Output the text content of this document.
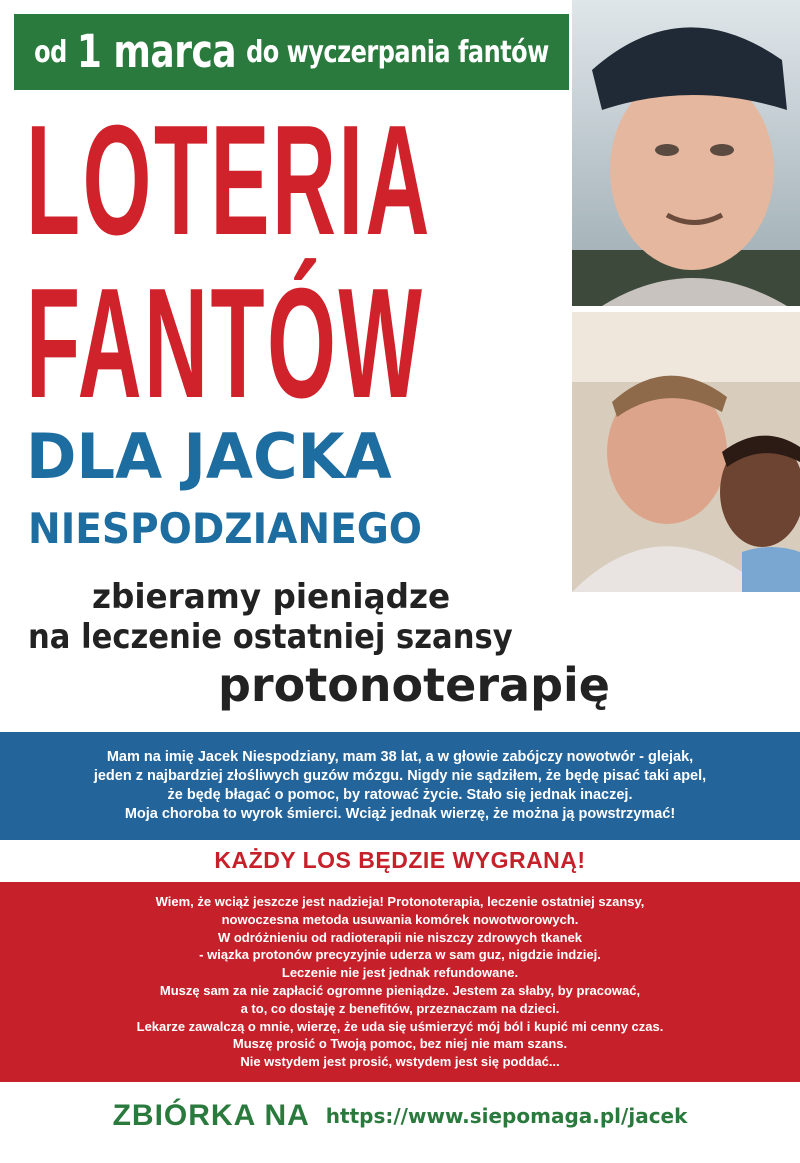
od 1 marca do wyczerpania fantów
LOTERIA
FANTÓW
DLA JACKA
NIESPODZIANEGO
zbieramy pieniądze
na leczenie ostatniej szansy
protonoterapię
Mam na imię Jacek Niespodziany, mam 38 lat, a w głowie zabójczy nowotwór - glejak,
jeden z najbardziej złośliwych guzów mózgu. Nigdy nie sądziłem, że będę pisać taki apel,
że będę błagać o pomoc, by ratować życie. Stało się jednak inaczej.
Moja choroba to wyrok śmierci. Wciąż jednak wierzę, że można ją powstrzymać!
KAŻDY LOS BĘDZIE WYGRANĄ!
Wiem, że wciąż jeszcze jest nadzieja! Protonoterapia, leczenie ostatniej szansy,
nowoczesna metoda usuwania komórek nowotworowych.
W odróżnieniu od radioterapii nie niszczy zdrowych tkanek
- wiązka protonów precyzyjnie uderza w sam guz, nigdzie indziej.
Leczenie nie jest jednak refundowane.
Muszę sam za nie zapłacić ogromne pieniądze. Jestem za słaby, by pracować,
a to, co dostaję z benefitów, przeznaczam na dzieci.
Lekarze zawalczą o mnie, wierzę, że uda się uśmierzyć mój ból i kupić mi cenny czas.
Muszę prosić o Twoją pomoc, bez niej nie mam szans.
Nie wstydem jest prosić, wstydem jest się poddać...
ZBIÓRKA NA https://www.siepomaga.pl/jacek
